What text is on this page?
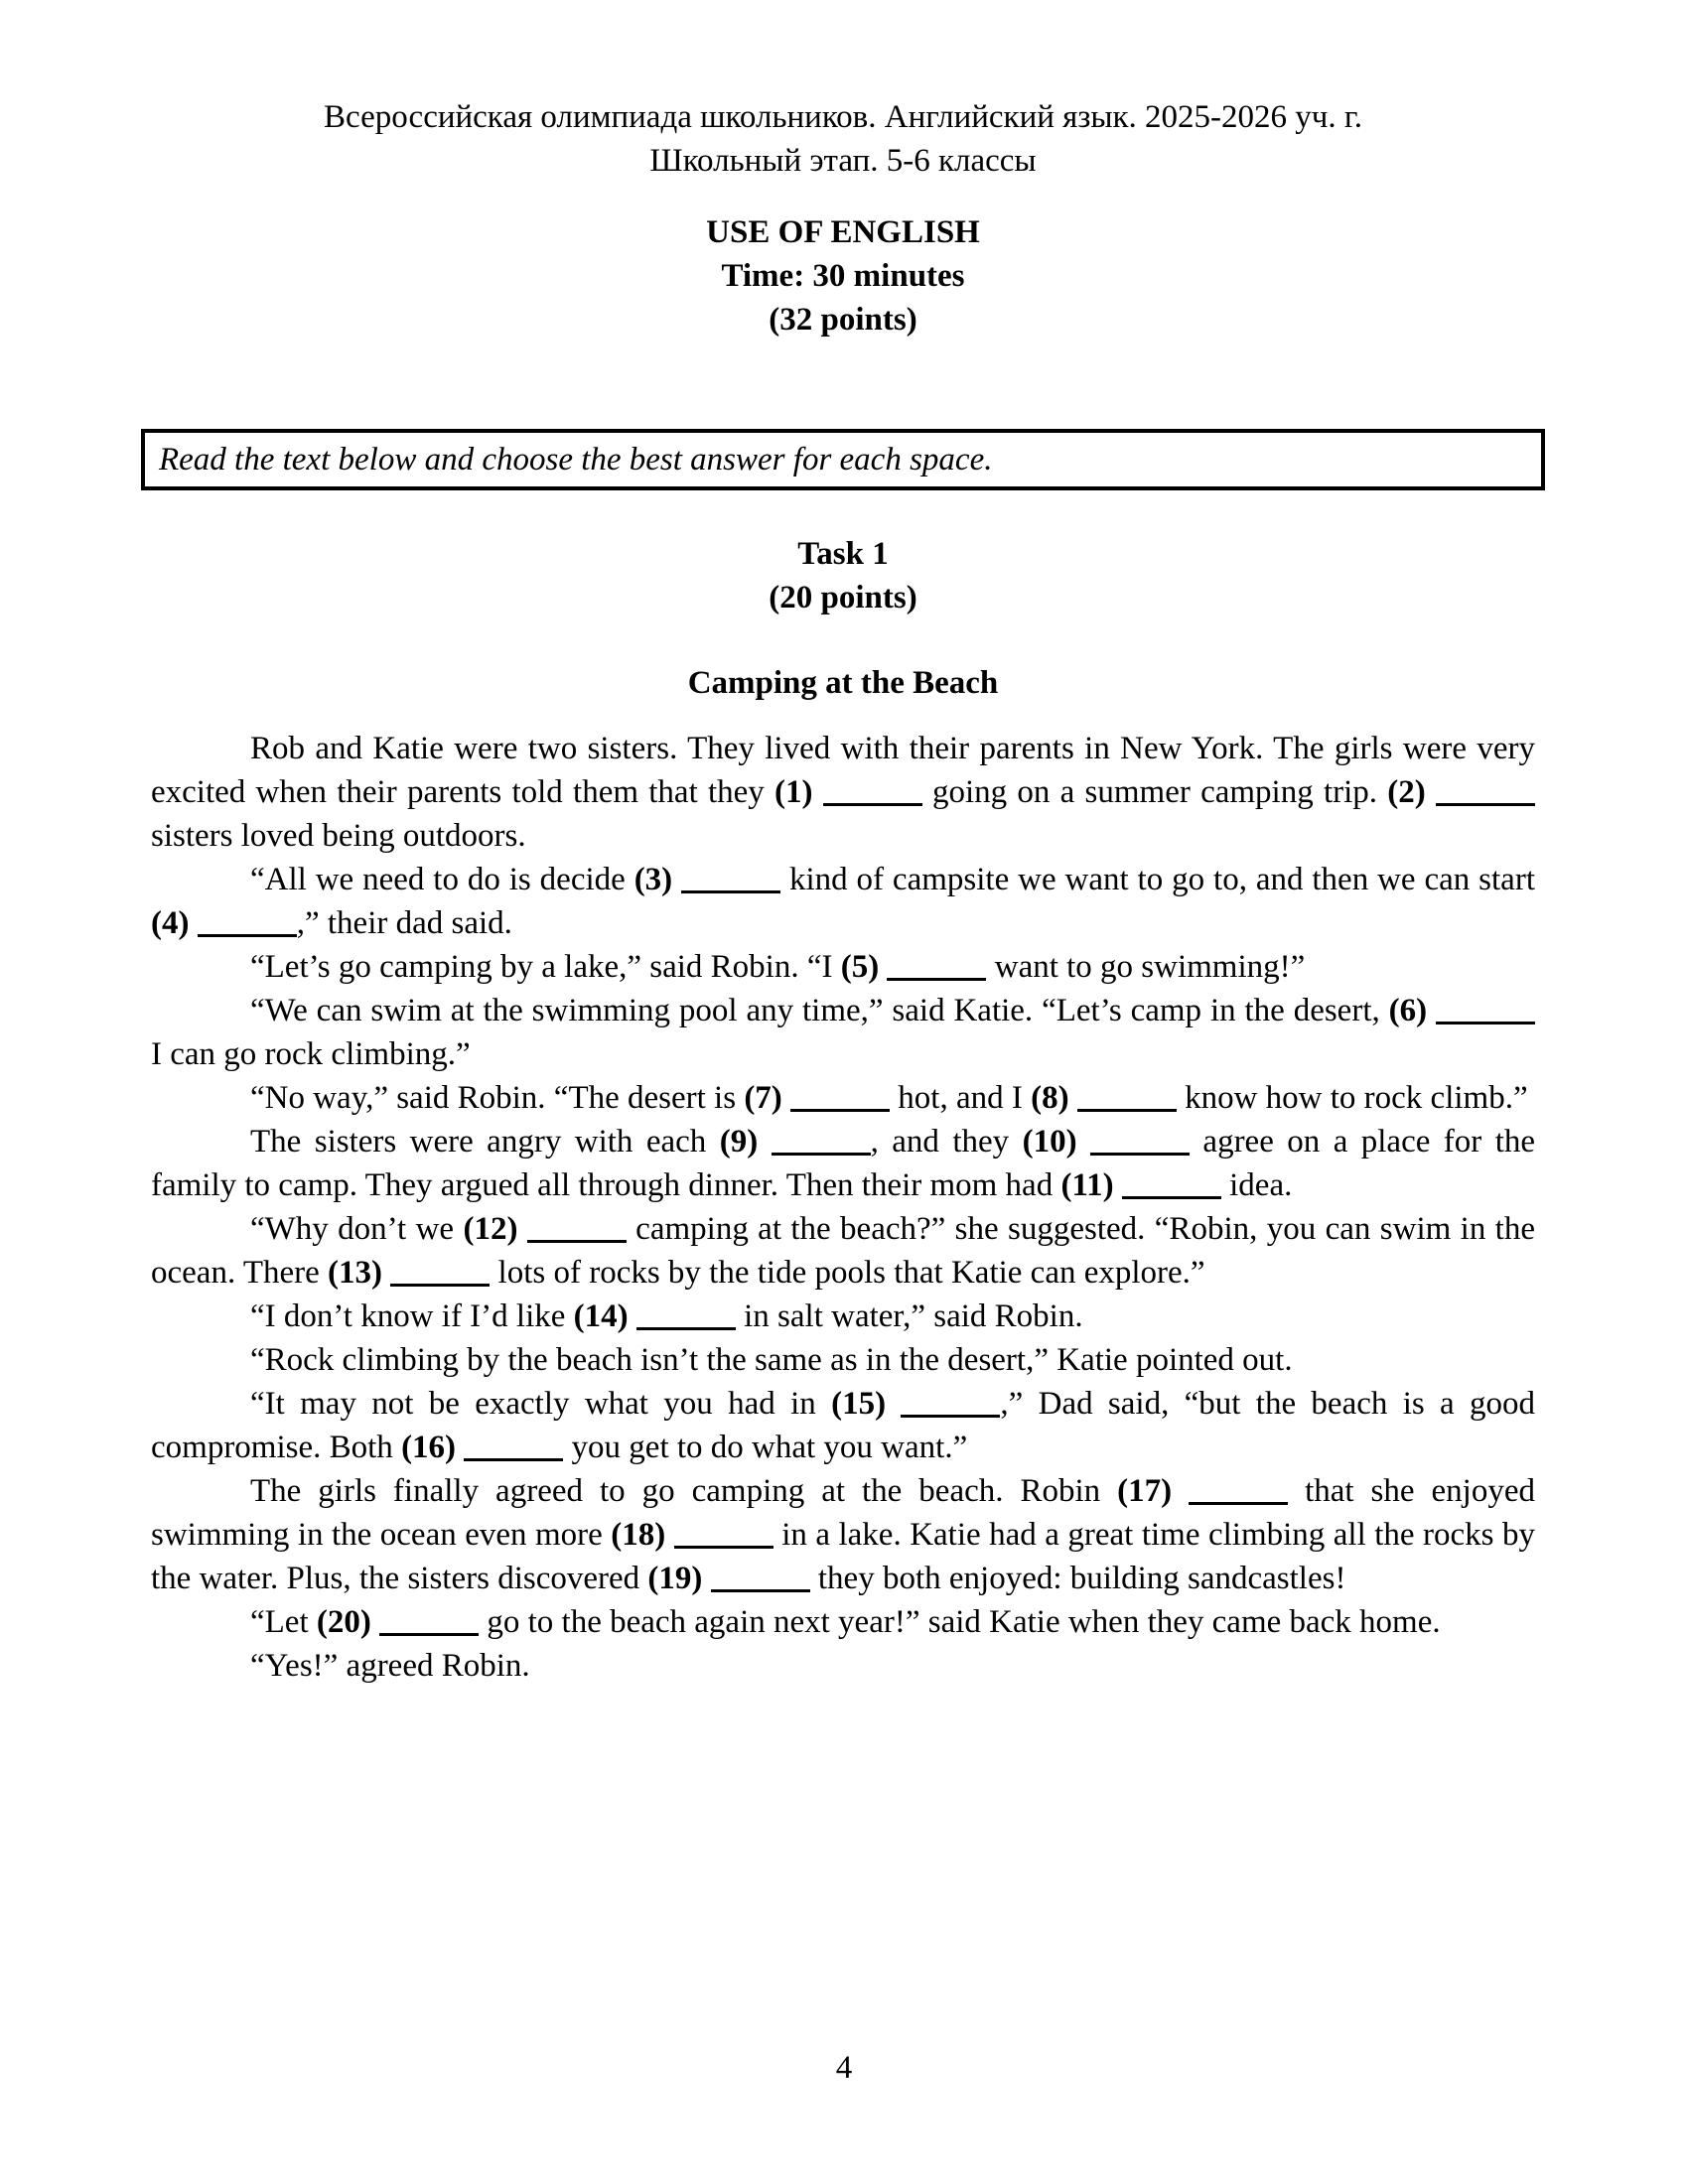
Всероссийская олимпиада школьников. Английский язык. 2025-2026 уч. г.
Школьный этап. 5-6 классы
USE OF ENGLISH
Time: 30 minutes
(32 points)
Read the text below and choose the best answer for each space.
Task 1
(20 points)
Camping at the Beach

Rob and Katie were two sisters. They lived with their parents in New York. The girls were very excited when their parents told them that they (1)	going on a summer camping trip. (2)  sisters loved being outdoors.

“All we need to do is decide (3)	kind of campsite we want to go to, and then we can start (4)	,” their dad said.

“Let’s go camping by a lake,” said Robin. “I (5)	want to go swimming!”

“We can swim at the swimming pool any time,” said Katie. “Let’s camp in the desert, (6)  I can go rock climbing.”

“No way,” said Robin. “The desert is (7)	hot, and I (8)	know how to rock climb.”

The sisters were angry with each (9)	, and they (10)	agree on a place for the family to camp. They argued all through dinner. Then their mom had (11)	idea.

“Why don’t we (12)	camping at the beach?” she suggested. “Robin, you can swim in the ocean. There (13)	lots of rocks by the tide pools that Katie can explore.”

“I don’t know if I’d like (14)	in salt water,” said Robin.

“Rock climbing by the beach isn’t the same as in the desert,” Katie pointed out.

“It may not be exactly what you had in (15)	,” Dad said, “but the beach is a good compromise. Both (16)	you get to do what you want.”

The girls finally agreed to go camping at the beach. Robin (17)	that she enjoyed swimming in the ocean even more (18)	in a lake. Katie had a great time climbing all the rocks by the water. Plus, the sisters discovered (19)	they both enjoyed: building sandcastles!

“Let (20)	go to the beach again next year!” said Katie when they came back home.

“Yes!” agreed Robin.

4
